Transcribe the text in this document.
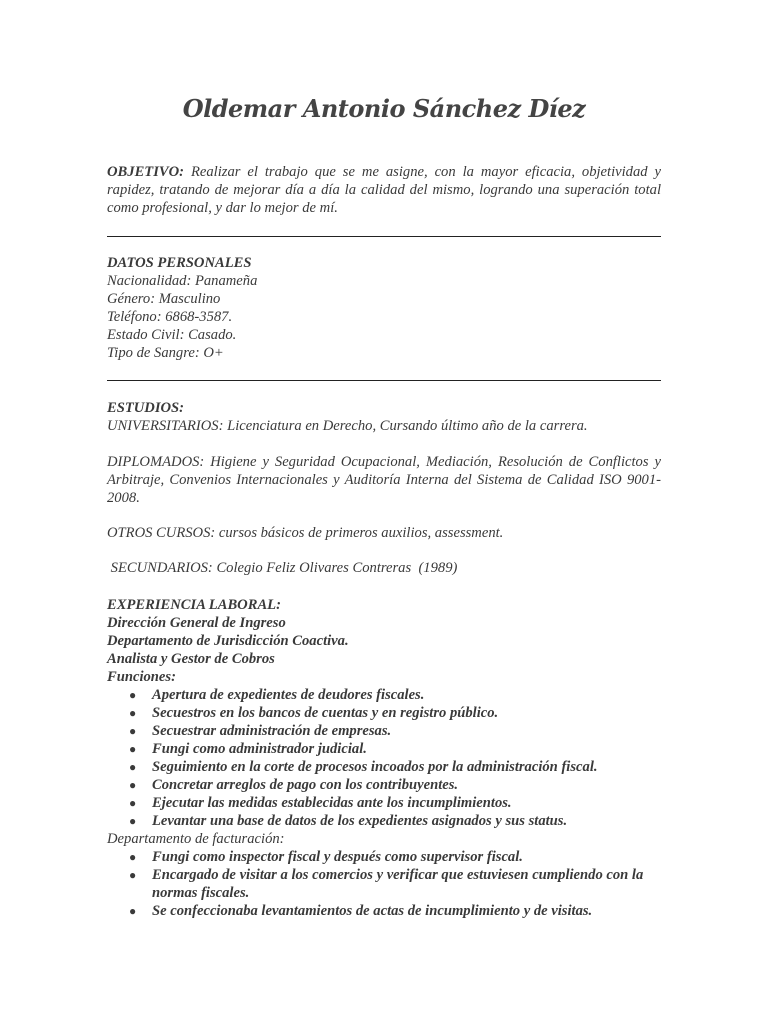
Oldemar Antonio Sánchez Díez

OBJETIVO: Realizar el trabajo que se me asigne, con la mayor eficacia, objetividad y rapidez, tratando de mejorar día a día la calidad del mismo, logrando una superación total como profesional, y dar lo mejor de mí.

DATOS PERSONALES
Nacionalidad: Panameña
Género: Masculino
Teléfono: 6868-3587.
Estado Civil: Casado.
Tipo de Sangre: O+
ESTUDIOS:
UNIVERSITARIOS: Licenciatura en Derecho, Cursando último año de la carrera.

DIPLOMADOS: Higiene y Seguridad Ocupacional, Mediación, Resolución de Conflictos y Arbitraje, Convenios Internacionales y Auditoría Interna del Sistema de Calidad ISO 9001-2008.

OTROS CURSOS: cursos básicos de primeros auxilios, assessment.

SECUNDARIOS: Colegio Feliz Olivares Contreras  (1989)

EXPERIENCIA LABORAL:
Dirección General de Ingreso
Departamento de Jurisdicción Coactiva.
Analista y Gestor de Cobros
Funciones:
● Apertura de expedientes de deudores fiscales.
● Secuestros en los bancos de cuentas y en registro público.
● Secuestrar administración de empresas.
● Fungi como administrador judicial.
● Seguimiento en la corte de procesos incoados por la administración fiscal.
● Concretar arreglos de pago con los contribuyentes.
● Ejecutar las medidas establecidas ante los incumplimientos.
● Levantar una base de datos de los expedientes asignados y sus status.
Departamento de facturación:
● Fungi como inspector fiscal y después como supervisor fiscal.
● Encargado de visitar a los comercios y verificar que estuviesen cumpliendo con la normas fiscales.
● Se confeccionaba levantamientos de actas de incumplimiento y de visitas.
